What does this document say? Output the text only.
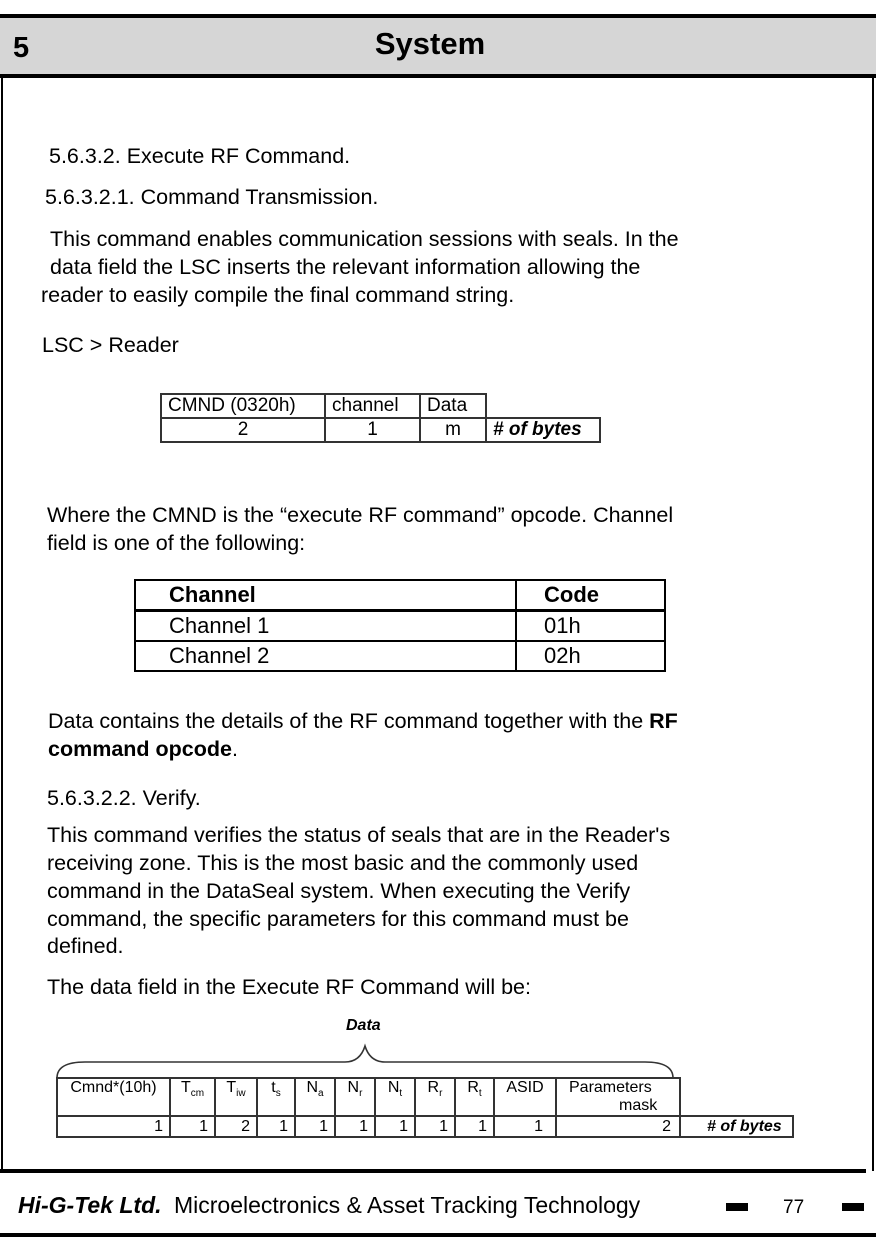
5	System
5.6.3.2. Execute RF Command.
5.6.3.2.1. Command Transmission.
This command enables communication sessions with seals. In the
data field the LSC inserts the relevant information allowing the
reader to easily compile the final command string.
LSC > Reader
CMND (0320h)	channel	Data	
2	1	m	# of bytes
Where the CMND is the “execute RF command” opcode. Channel
field is one of the following:
Channel	Code
Channel 1	01h
Channel 2	02h
Data contains the details of the RF command together with the RF
command opcode.
5.6.3.2.2. Verify.
This command verifies the status of seals that are in the Reader's
receiving zone. This is the most basic and the commonly used
command in the DataSeal system. When executing the Verify
command, the specific parameters for this command must be
defined.
The data field in the Execute RF Command will be:
Data
Cmnd*(10h)	$T_{cm}$	$T_{iw}$	$t_s$	$N_a$	$N_r$	$N_t$	$R_r$	$R_t$	ASID	Parameters
mask	
1	1	2	1	1	1	1	1	1	1	2	# of bytes
Hi-G-Tek Ltd. Microelectronics & Asset Tracking Technology	77
